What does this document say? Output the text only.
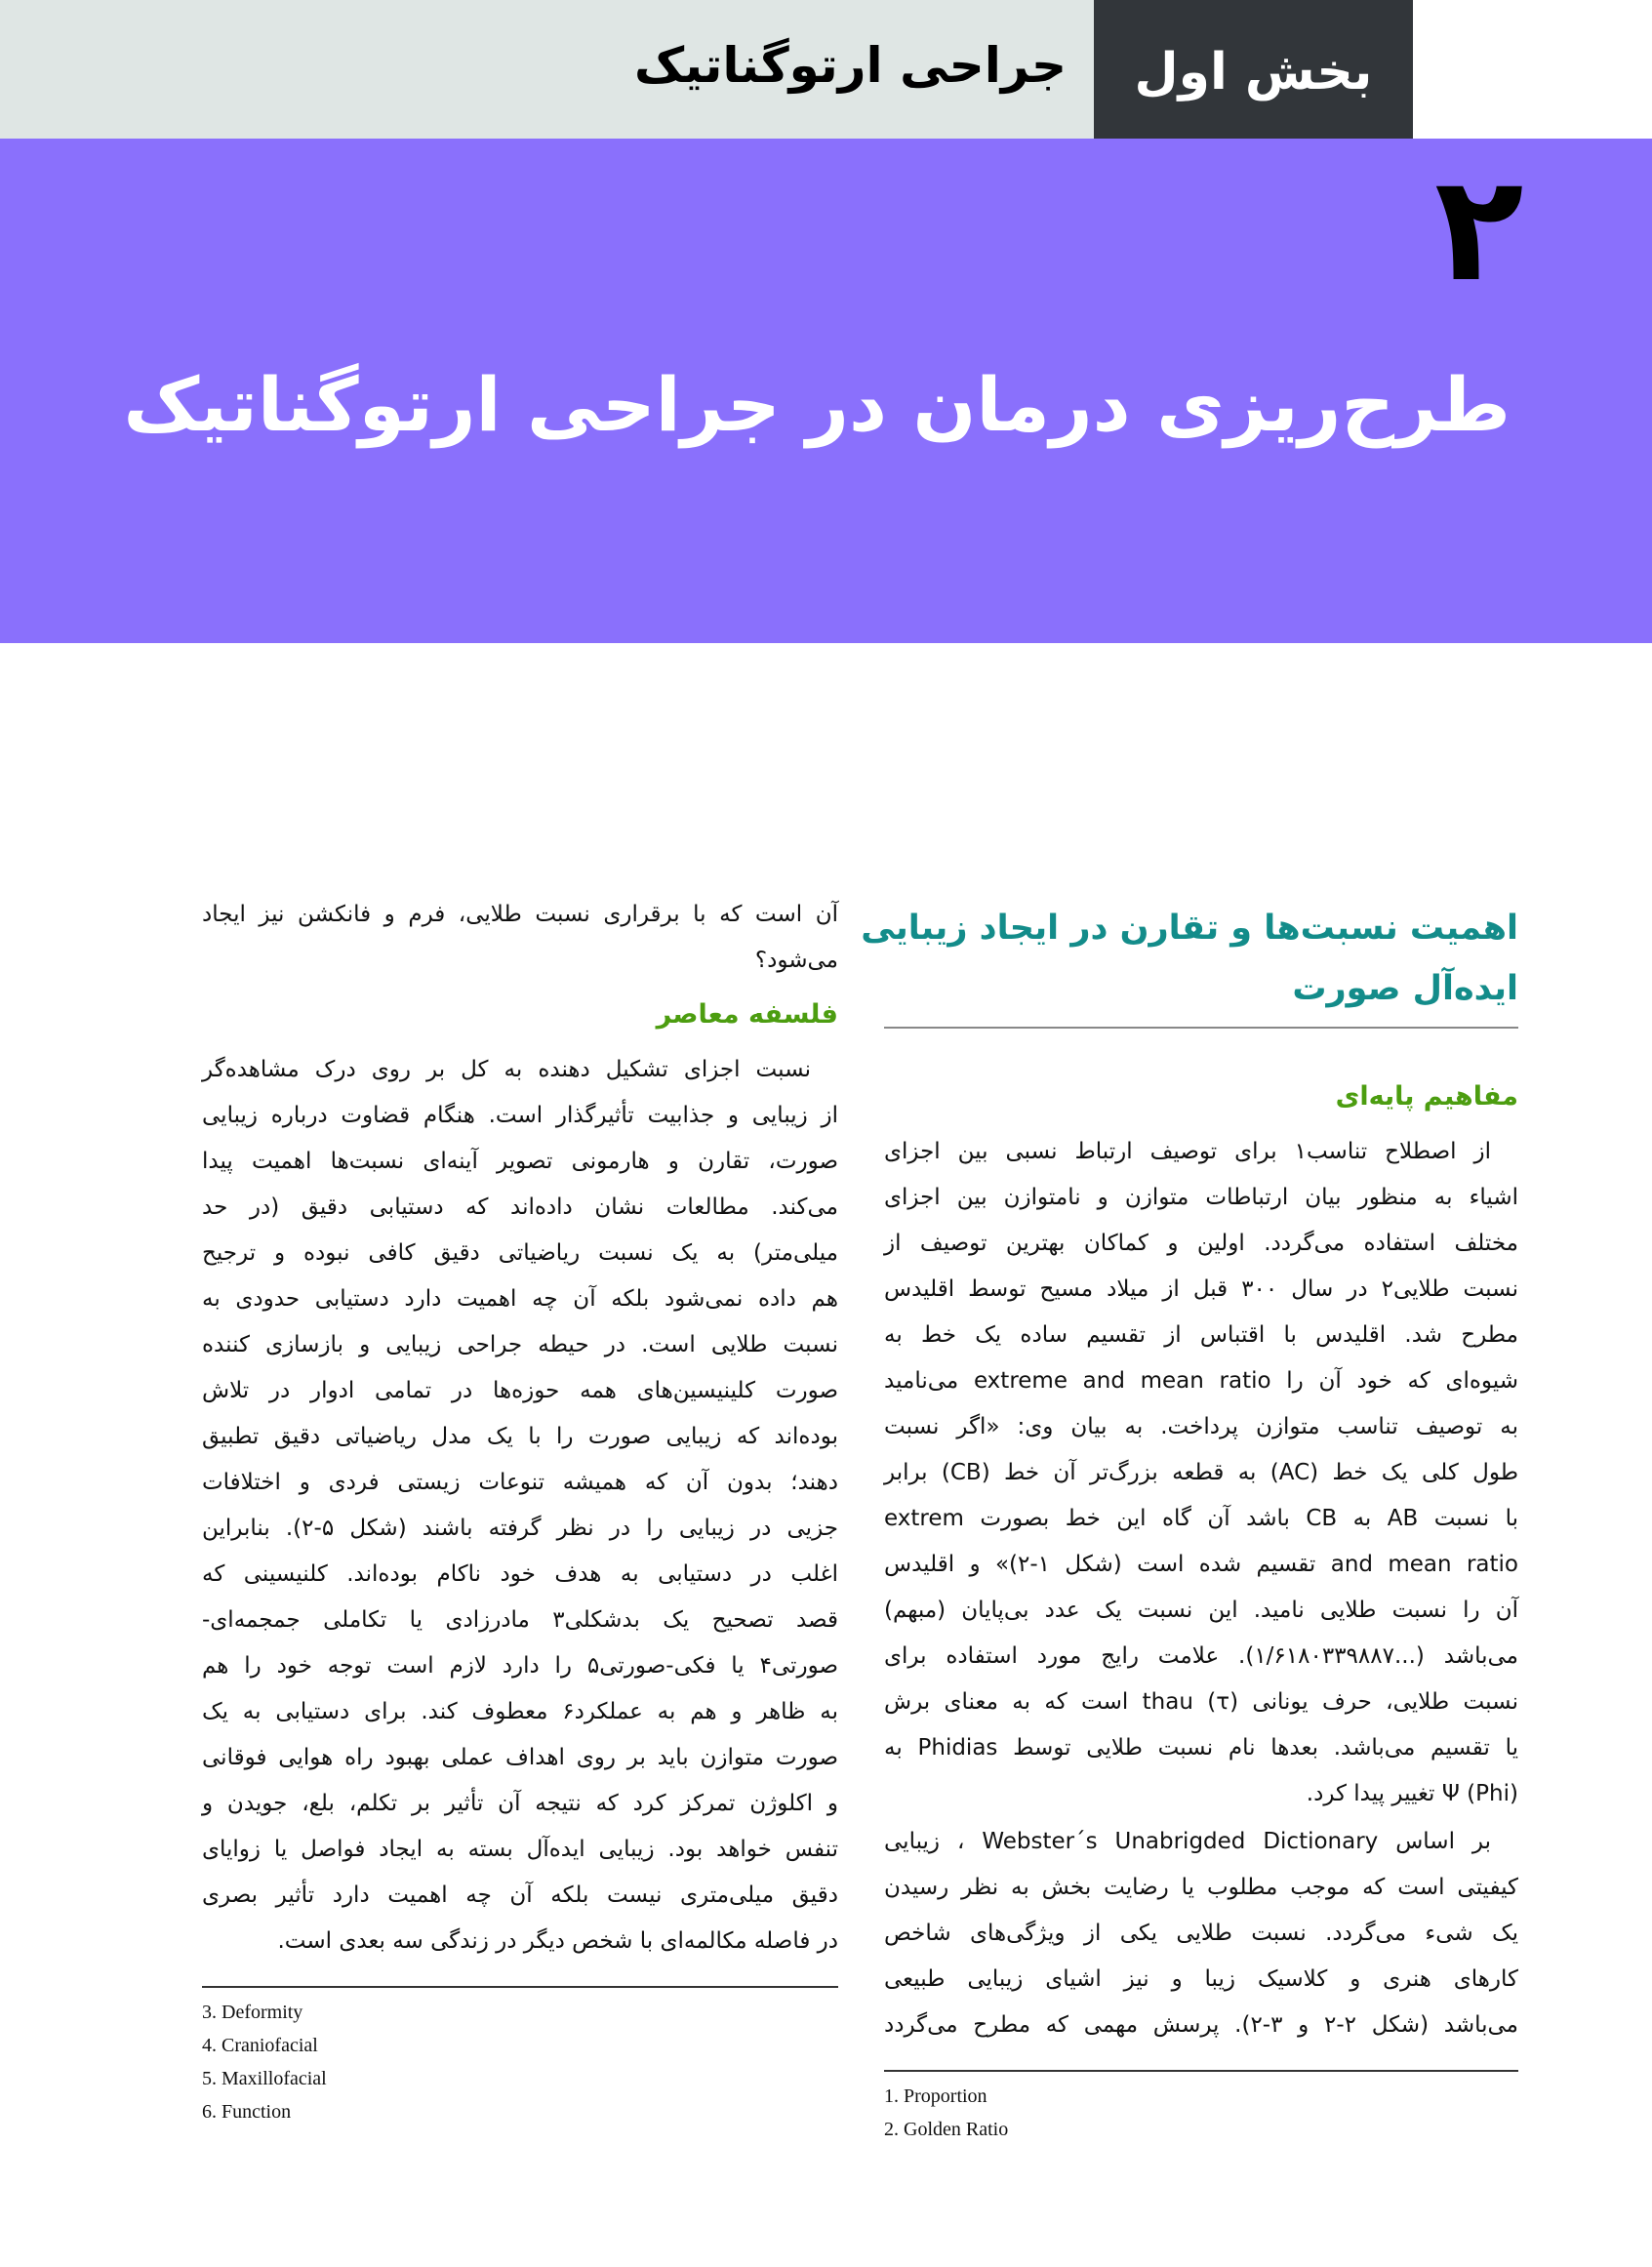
جراحی ارتوگناتیک	بخش اول
۲
طرح‌ریزی درمان در جراحی ارتوگناتیک
اهمیت نسبت‌ها و تقارن در ایجاد زیبایی
ایده‌آل صورت
مفاهیم پایه‌ای
از اصطلاح تناسب۱ برای توصیف ارتباط نسبی بین اجزای
اشیاء به منظور بیان ارتباطات متوازن و نامتوازن بین اجزای
مختلف استفاده می‌گردد. اولین و کماکان بهترین توصیف از
نسبت طلایی۲ در سال ۳۰۰ قبل از میلاد مسیح توسط اقلیدس
مطرح شد. اقلیدس با اقتباس از تقسیم ساده یک خط به
شیوه‌ای که خود آن را extreme and mean ratio می‌نامید
به توصیف تناسب متوازن پرداخت. به بیان وی: «اگر نسبت
طول کلی یک خط (AC) به قطعه بزرگ‌تر آن خط (CB) برابر
با نسبت AB به CB باشد آن گاه این خط بصورت extrem
and mean ratio تقسیم شده است (شکل ۱-۲)» و اقلیدس
آن را نسبت طلایی نامید. این نسبت یک عدد بی‌پایان (مبهم)
می‌باشد (...۱/۶۱۸۰۳۳۹۸۸۷). علامت رایج مورد استفاده برای
نسبت طلایی، حرف یونانی thau (τ) است که به معنای برش
یا تقسیم می‌باشد. بعدها نام نسبت طلایی توسط Phidias به
(Phi) Ψ تغییر پیدا کرد.
بر اساس Webster´s Unabrigded Dictionary ، زیبایی
کیفیتی است که موجب مطلوب یا رضایت بخش به نظر رسیدن
یک شیء می‌گردد. نسبت طلایی یکی از ویژگی‌های شاخص
کارهای هنری و کلاسیک زیبا و نیز اشیای زیبایی طبیعی
می‌باشد (شکل ۲-۲ و ۳-۲). پرسش مهمی که مطرح می‌گردد
1. Proportion
2. Golden Ratio
آن است که با برقراری نسبت طلایی، فرم و فانکشن نیز ایجاد
می‌شود؟
فلسفه معاصر
نسبت اجزای تشکیل دهنده به کل بر روی درک مشاهده‌گر
از زیبایی و جذابیت تأثیرگذار است. هنگام قضاوت درباره زیبایی
صورت، تقارن و هارمونی تصویر آینه‌ای نسبت‌ها اهمیت پیدا
می‌کند. مطالعات نشان داده‌اند که دستیابی دقیق (در حد
میلی‌متر) به یک نسبت ریاضیاتی دقیق کافی نبوده و ترجیح
هم داده نمی‌شود بلکه آن چه اهمیت دارد دستیابی حدودی به
نسبت طلایی است. در حیطه جراحی زیبایی و بازسازی کننده
صورت کلینیسین‌های همه حوزه‌ها در تمامی ادوار در تلاش
بوده‌اند که زیبایی صورت را با یک مدل ریاضیاتی دقیق تطبیق
دهند؛ بدون آن که همیشه تنوعات زیستی فردی و اختلافات
جزیی در زیبایی را در نظر گرفته باشند (شکل ۵-۲). بنابراین
اغلب در دستیابی به هدف خود ناکام بوده‌اند. کلنیسینی که
قصد تصحیح یک بدشکلی۳ مادرزادی یا تکاملی جمجمه‌ای-
صورتی۴ یا فکی-صورتی۵ را دارد لازم است توجه خود را هم
به ظاهر و هم به عملکرد۶ معطوف کند. برای دستیابی به یک
صورت متوازن باید بر روی اهداف عملی بهبود راه هوایی فوقانی
و اکلوژن تمرکز کرد که نتیجه آن تأثیر بر تکلم، بلع، جویدن و
تنفس خواهد بود. زیبایی ایده‌آل بسته به ایجاد فواصل یا زوایای
دقیق میلی‌متری نیست بلکه آن چه اهمیت دارد تأثیر بصری
در فاصله مکالمه‌ای با شخص دیگر در زندگی سه بعدی است.
3. Deformity
4. Craniofacial
5. Maxillofacial
6. Function
